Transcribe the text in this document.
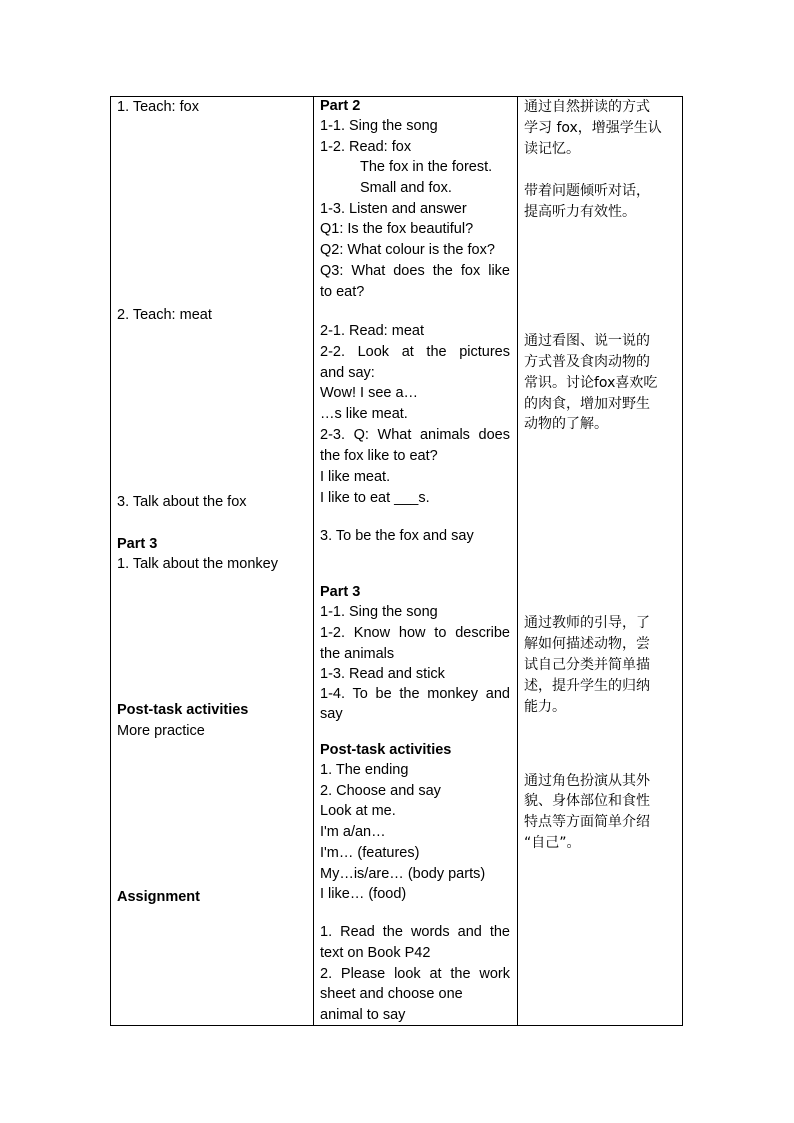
1. Teach: fox
2. Teach: meat
3. Talk about the fox
Part 3
1. Talk about the monkey
Post-task activities
More practice
Assignment
Part 2
1-1. Sing the song
1-2. Read: fox
The fox in the forest.
Small and fox.
1-3. Listen and answer
Q1: Is the fox beautiful?
Q2: What colour is the fox?
Q3: What does the fox like
to eat?
2-1. Read: meat
2-2. Look at the pictures
and say:
Wow! I see a…
…s like meat.
2-3. Q: What animals does
the fox like to eat?
I like meat.
I like to eat ___s.
3. To be the fox and say
Part 3
1-1. Sing the song
1-2. Know how to describe
the animals
1-3. Read and stick
1-4. To be the monkey and
say
Post-task activities
1. The ending
2. Choose and say
Look at me.
I'm a/an…
I'm… (features)
My…is/are… (body parts)
I like… (food)
1. Read the words and the
text on Book P42
2. Please look at the work
sheet and choose one
animal to say
通过自然拼读的方式
学习 fox，增强学生认
读记忆。
带着问题倾听对话，
提高听力有效性。
通过看图、说一说的
方式普及食肉动物的
常识。讨论fox喜欢吃
的肉食，增加对野生
动物的了解。
通过教师的引导，了
解如何描述动物，尝
试自己分类并简单描
述，提升学生的归纳
能力。
通过角色扮演从其外
貌、身体部位和食性
特点等方面简单介绍
“自己”。
